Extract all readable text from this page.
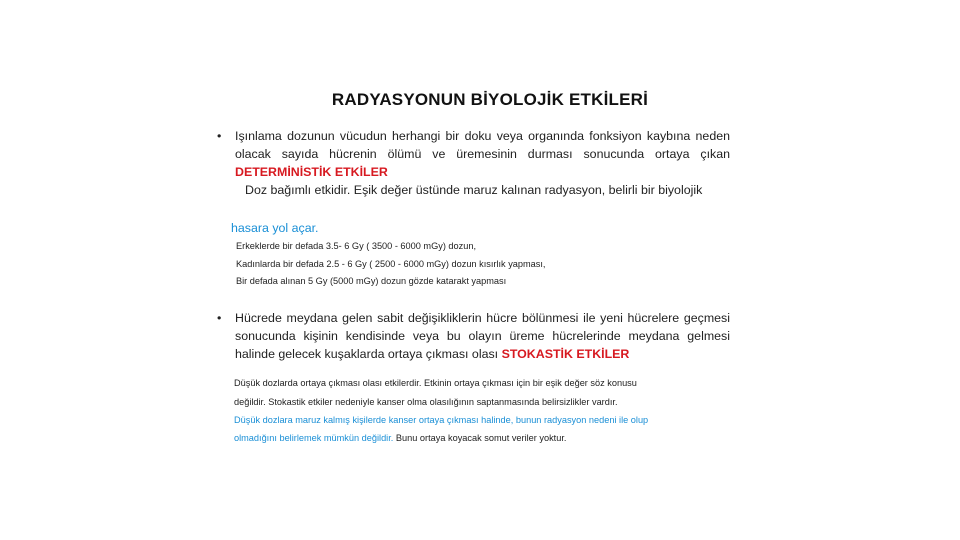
RADYASYONUN BİYOLOJİK ETKİLERİ
•	Işınlama dozunun vücudun herhangi bir doku veya organında fonksiyon kaybına neden olacak sayıda hücrenin ölümü ve üremesinin durması sonucunda ortaya çıkan DETERMİNİSTİK ETKİLER
Doz bağımlı etkidir. Eşik değer üstünde maruz kalınan radyasyon, belirli bir biyolojik
hasara yol açar.
Erkeklerde bir defada 3.5- 6 Gy ( 3500 - 6000 mGy) dozun,
Kadınlarda bir defada 2.5 - 6 Gy ( 2500 - 6000 mGy) dozun kısırlık yapması,
Bir defada alınan 5 Gy (5000 mGy) dozun gözde katarakt yapması
•	Hücrede meydana gelen sabit değişikliklerin hücre bölünmesi ile yeni hücrelere geçmesi sonucunda kişinin kendisinde veya bu olayın üreme hücrelerinde meydana gelmesi halinde gelecek kuşaklarda ortaya çıkması olası STOKASTİK ETKİLER
Düşük dozlarda ortaya çıkması olası etkilerdir. Etkinin ortaya çıkması için bir eşik değer söz konusu
değildir. Stokastik etkiler nedeniyle kanser olma olasılığının saptanmasında belirsizlikler vardır.
Düşük dozlara maruz kalmış kişilerde kanser ortaya çıkması halinde, bunun radyasyon nedeni ile olup
olmadığını belirlemek mümkün değildir. Bunu ortaya koyacak somut veriler yoktur.
